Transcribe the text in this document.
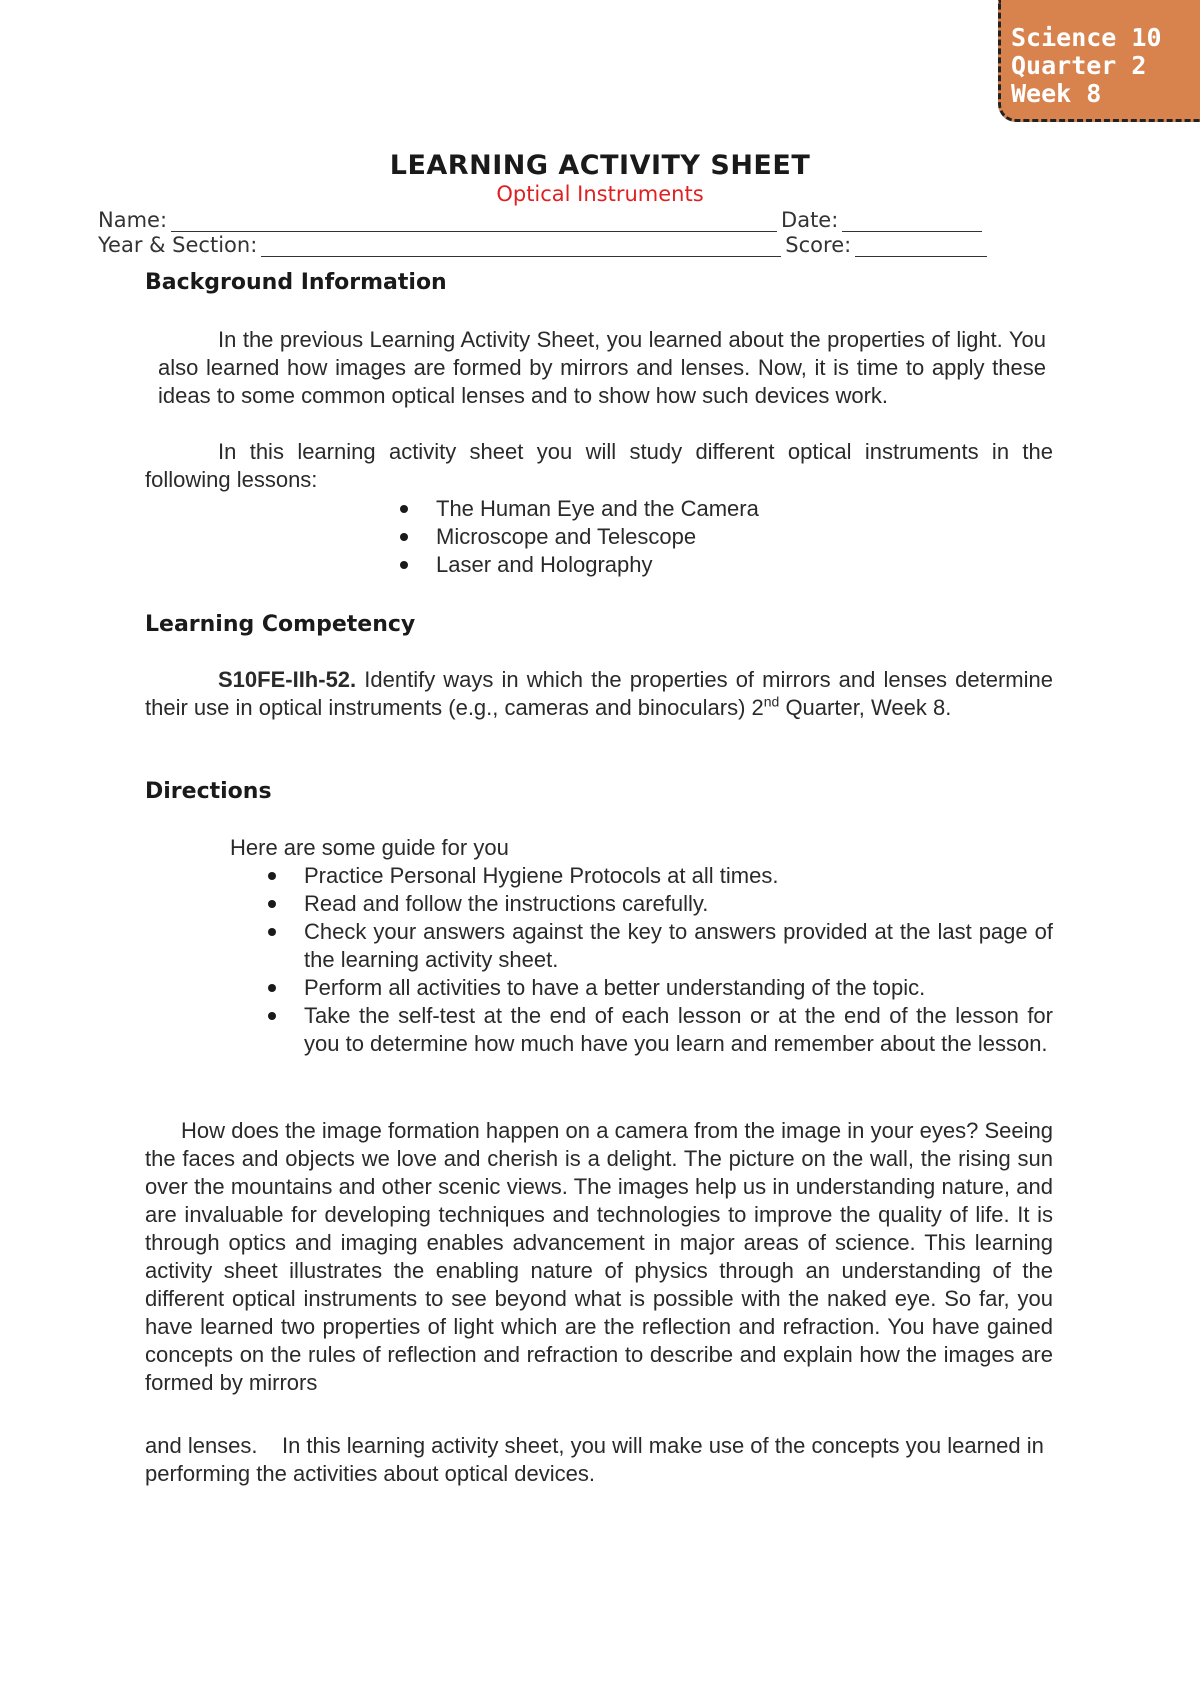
Science 10
Quarter 2
Week 8
LEARNING ACTIVITY SHEET
Optical Instruments
Name:	Date:
Year & Section:	Score:
Background Information
In the previous Learning Activity Sheet, you learned about the properties of light. You also learned how images are formed by mirrors and lenses. Now, it is time to apply these ideas to some common optical lenses and to show how such devices work.
In this learning activity sheet you will study different optical instruments in the following lessons:
The Human Eye and the Camera
Microscope and Telescope
Laser and Holography
Learning Competency
S10FE-IIh-52. Identify ways in which the properties of mirrors and lenses determine their use in optical instruments (e.g., cameras and binoculars) 2nd Quarter, Week 8.
Directions
Here are some guide for you
Practice Personal Hygiene Protocols at all times.
Read and follow the instructions carefully.
Check your answers against the key to answers provided at the last page of the learning activity sheet.
Perform all activities to have a better understanding of the topic.
Take the self-test at the end of each lesson or at the end of the lesson for you to determine how much have you learn and remember about the lesson.
How does the image formation happen on a camera from the image in your eyes? Seeing the faces and objects we love and cherish is a delight. The picture on the wall, the rising sun over the mountains and other scenic views. The images help us in understanding nature, and are invaluable for developing techniques and technologies to improve the quality of life. It is through optics and imaging enables advancement in major areas of science. This learning activity sheet illustrates the enabling nature of physics through an understanding of the different optical instruments to see beyond what is possible with the naked eye. So far, you have learned two properties of light which are the reflection and refraction. You have gained concepts on the rules of reflection and refraction to describe and explain how the images are formed by mirrors
and lenses.    In this learning activity sheet, you will make use of the concepts you learned in performing the activities about optical devices.
